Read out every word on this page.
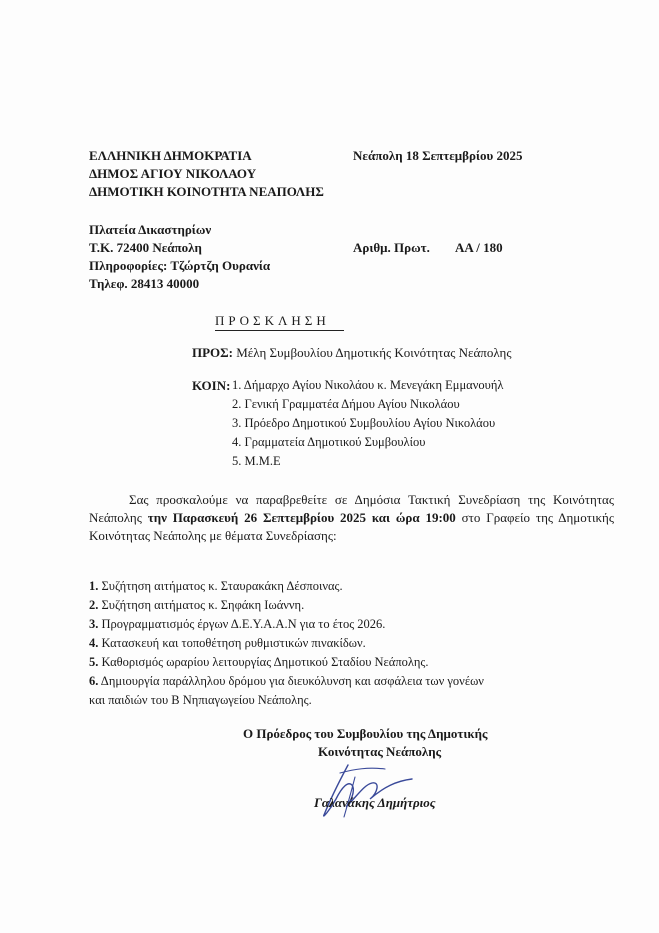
ΕΛΛΗΝΙΚΗ ΔΗΜΟΚΡΑΤΙΑ
ΔΗΜΟΣ ΑΓΙΟΥ ΝΙΚΟΛΑΟΥ
ΔΗΜΟΤΙΚΗ ΚΟΙΝΟΤΗΤΑ ΝΕΑΠΟΛΗΣ
Νεάπολη 18 Σεπτεμβρίου 2025
Πλατεία Δικαστηρίων
Τ.Κ. 72400 Νεάπολη
Πληροφορίες: Τζώρτζη Ουρανία
Τηλεφ. 28413 40000
Αριθμ. Πρωτ. ΑΑ / 180
ΠΡΟΣΚΛΗΣΗ
ΠΡΟΣ: Μέλη Συμβουλίου Δημοτικής Κοινότητας Νεάπολης
ΚΟΙΝ: 1. Δήμαρχο Αγίου Νικολάου κ. Μενεγάκη Εμμανουήλ
2. Γενική Γραμματέα Δήμου Αγίου Νικολάου
3. Πρόεδρο Δημοτικού Συμβουλίου Αγίου Νικολάου
4. Γραμματεία Δημοτικού Συμβουλίου
5. Μ.Μ.Ε
Σας προσκαλούμε να παραβρεθείτε σε Δημόσια Τακτική Συνεδρίαση της Κοινότητας Νεάπολης την Παρασκευή 26 Σεπτεμβρίου 2025 και ώρα 19:00 στο Γραφείο της Δημοτικής Κοινότητας Νεάπολης με θέματα Συνεδρίασης:
1. Συζήτηση αιτήματος κ. Σταυρακάκη Δέσποινας.
2. Συζήτηση αιτήματος κ. Σηφάκη Ιωάννη.
3. Προγραμματισμός έργων Δ.Ε.Υ.Α.Α.Ν για το έτος 2026.
4. Κατασκευή και τοποθέτηση ρυθμιστικών πινακίδων.
5. Καθορισμός ωραρίου λειτουργίας Δημοτικού Σταδίου Νεάπολης.
6. Δημιουργία παράλληλου δρόμου για διευκόλυνση και ασφάλεια των γονέων
και παιδιών του Β Νηπιαγωγείου Νεάπολης.
Ο Πρόεδρος του Συμβουλίου της Δημοτικής
Κοινότητας Νεάπολης
Γαλανάκης Δημήτριος
